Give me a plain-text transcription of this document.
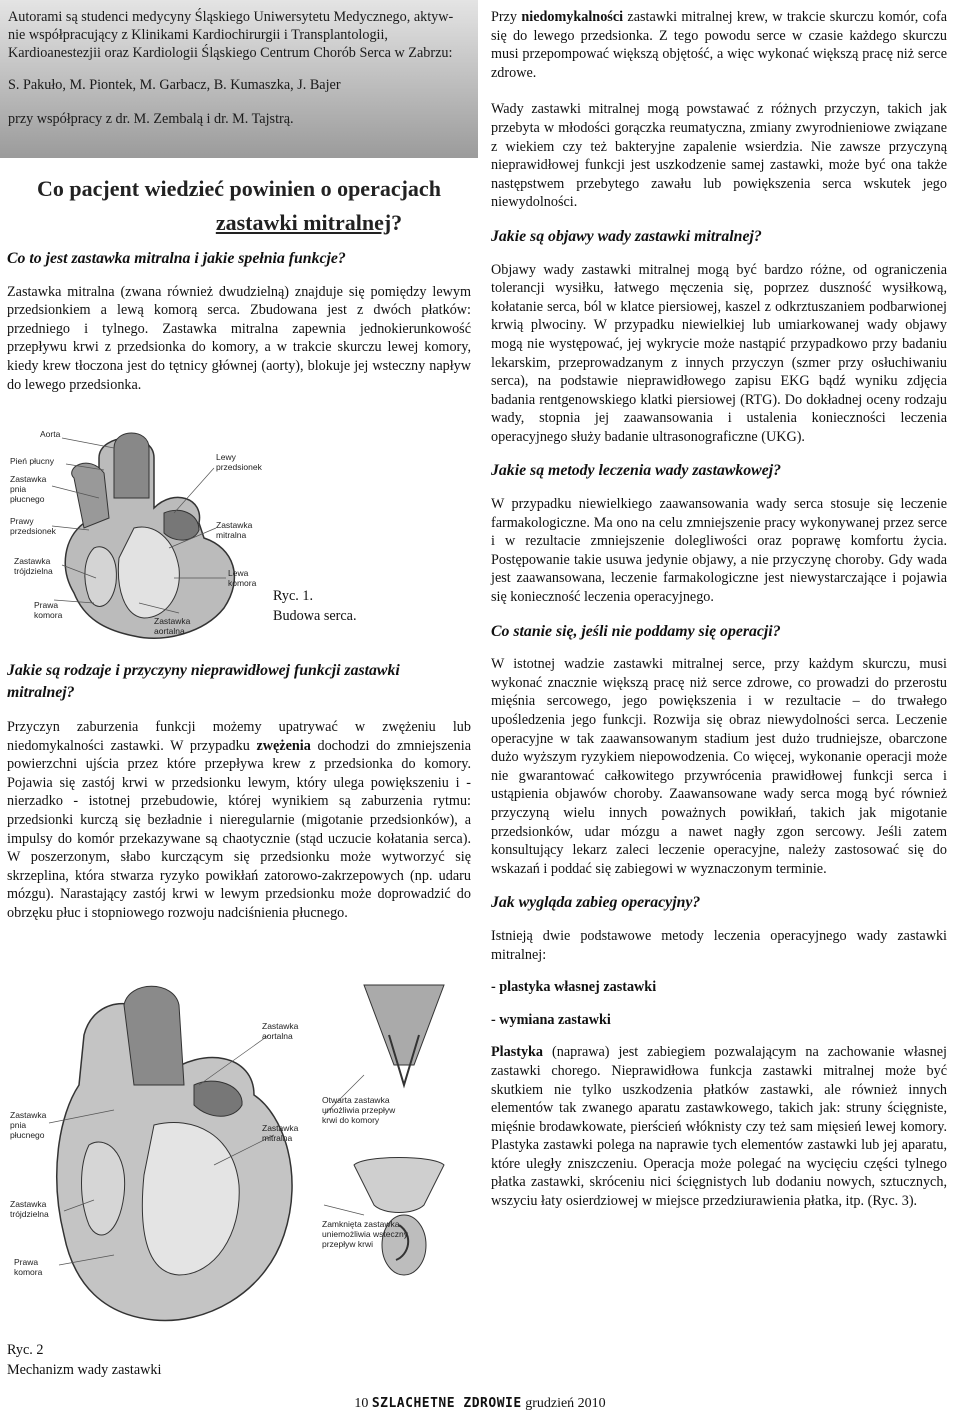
Autorami są studenci medycyny Śląskiego Uniwersytetu Medycznego, aktyw-nie współpracujący z Klinikami Kardiochirurgii i Transplantologii, Kardioanestezjii oraz Kardiologii Śląskiego Centrum Chorób Serca w Zabrzu:
S. Pakuło, M. Piontek, M. Garbacz, B. Kumaszka, J. Bajer
przy współpracy z dr. M. Zembalą i dr. M. Tajstrą.
Co pacjent wiedzieć powinien o operacjach
zastawki mitralnej?
Co to jest zastawka mitralna i jakie spełnia funkcje?

Zastawka mitralna (zwana również dwudzielną) znajduje się pomiędzy lewym przedsionkiem a lewą komorą serca. Zbudowana jest z dwóch płatków: przedniego i tylnego. Zastawka mitralna zapewnia jednokierunkowość przepływu krwi z przedsionka do komory, a w trakcie skurczu lewej komory, kiedy krew tłoczona jest do tętnicy głównej (aorty), blokuje jej wsteczny napływ do lewego przedsionka.

Aorta
Pień płucny
Zastawka
pnia
płucnego
Prawy
przedsionek
Zastawka
trójdzielna
Prawa
komora
Zastawka
aortalna
Lewy
przedsionek
Zastawka
mitralna
Lewa
komora
Ryc. 1.
Budowa serca.
Jakie są rodzaje i przyczyny nieprawidłowej funkcji zastawki mitralnej?

Przyczyn zaburzenia funkcji możemy upatrywać w zwężeniu lub niedomykalności zastawki. W przypadku zwężenia dochodzi do zmniejszenia powierzchni ujścia przez które przepływa krew z przedsionka do komory. Pojawia się zastój krwi w przedsionku lewym, który ulega powiększeniu i - nierzadko - istotnej przebudowie, której wynikiem są zaburzenia rytmu: przedsionki kurczą się bezładnie i nieregularnie (migotanie przedsionków), a impulsy do komór przekazywane są chaotycznie (stąd uczucie kołatania serca). W poszerzonym, słabo kurczącym się przedsionku może wytworzyć się skrzeplina, która stwarza ryzyko powikłań zatorowo-zakrzepowych (np. udaru mózgu). Narastający zastój krwi w lewym przedsionku może doprowadzić do obrzęku płuc i stopniowego rozwoju nadciśnienia płucnego.

Zastawka
pnia
płucnego
Zastawka
trójdzielna
Prawa
komora
Zastawka
aortalna
Zastawka
mitralna
Otwarta zastawka
umożliwia przepływ
krwi do komory
Zamknięta zastawka
uniemożliwia wsteczny
przepływ krwi
Ryc. 2
Mechanizm wady zastawki

Przy niedomykalności zastawki mitralnej krew, w trakcie skurczu komór, cofa się do lewego przedsionka. Z tego powodu serce w czasie każdego skurczu musi przepompować większą objętość, a więc wykonać większą pracę niż serce zdrowe.

Wady zastawki mitralnej mogą powstawać z różnych przyczyn, takich jak przebyta w młodości gorączka reumatyczna, zmiany zwyrodnieniowe związane z wiekiem czy też bakteryjne zapalenie wsierdzia. Nie zawsze przyczyną nieprawidłowej funkcji jest uszkodzenie samej zastawki, może być ona także następstwem przebytego zawału lub powiększenia serca wskutek jego niewydolności.

Jakie są objawy wady zastawki mitralnej?

Objawy wady zastawki mitralnej mogą być bardzo różne, od ograniczenia tolerancji wysiłku, łatwego męczenia się, poprzez duszność wysiłkową, kołatanie serca, ból w klatce piersiowej, kaszel z odkrztuszaniem podbarwionej krwią plwociny. W przypadku niewielkiej lub umiarkowanej wady objawy mogą nie występować, jej wykrycie może nastąpić przypadkowo przy badaniu lekarskim, przeprowadzanym z innych przyczyn (szmer przy osłuchiwaniu serca), na podstawie nieprawidłowego zapisu EKG bądź wyniku zdjęcia badania rentgenowskiego klatki piersiowej (RTG). Do dokładnej oceny rodzaju wady, stopnia jej zaawansowania i ustalenia konieczności leczenia operacyjnego służy badanie ultrasonograficzne (UKG).

Jakie są metody leczenia wady zastawkowej?

W przypadku niewielkiego zaawansowania wady serca stosuje się leczenie farmakologiczne. Ma ono na celu zmniejszenie pracy wykonywanej przez serce i w rezultacie zmniejszenie dolegliwości oraz poprawę komfortu życia. Postępowanie takie usuwa jedynie objawy, a nie przyczynę choroby. Gdy wada jest zaawansowana, leczenie farmakologiczne jest niewystarczające i pojawia się konieczność leczenia operacyjnego.

Co stanie się, jeśli nie poddamy się operacji?

W istotnej wadzie zastawki mitralnej serce, przy każdym skurczu, musi wykonać znacznie większą pracę niż serce zdrowe, co prowadzi do przerostu mięśnia sercowego, jego powiększenia i w rezultacie – do trwałego upośledzenia jego funkcji. Rozwija się obraz niewydolności serca. Leczenie operacyjne w tak zaawansowanym stadium jest dużo trudniejsze, obarczone dużo wyższym ryzykiem niepowodzenia. Co więcej, wykonanie operacji może nie gwarantować całkowitego przywrócenia prawidłowej funkcji serca i ustąpienia objawów choroby. Zaawansowane wady serca mogą być również przyczyną wielu innych poważnych powikłań, takich jak migotanie przedsionków, udar mózgu a nawet nagły zgon sercowy. Jeśli zatem konsultujący lekarz zaleci leczenie operacyjne, należy zastosować się do wskazań i poddać się zabiegowi w wyznaczonym terminie.

Jak wygląda zabieg operacyjny?

Istnieją dwie podstawowe metody leczenia operacyjnego wady zastawki mitralnej:

- plastyka własnej zastawki

- wymiana zastawki

Plastyka (naprawa) jest zabiegiem pozwalającym na zachowanie własnej zastawki chorego. Nieprawidłowa funkcja zastawki mitralnej może być skutkiem nie tylko uszkodzenia płatków zastawki, ale również innych elementów tak zwanego aparatu zastawkowego, takich jak: struny ścięgniste, mięśnie brodawkowate, pierścień włóknisty czy też sam mięsień lewej komory. Plastyka zastawki polega na naprawie tych elementów zastawki lub jej aparatu, które uległy zniszczeniu. Operacja może polegać na wycięciu części tylnego płatka zastawki, skróceniu nici ścięgnistych lub dodaniu nowych, sztucznych, wszyciu łaty osierdziowej w miejsce przedziurawienia płatka, itp. (Ryc. 3).

10 SZLACHETNE ZDROWIE grudzień 2010
